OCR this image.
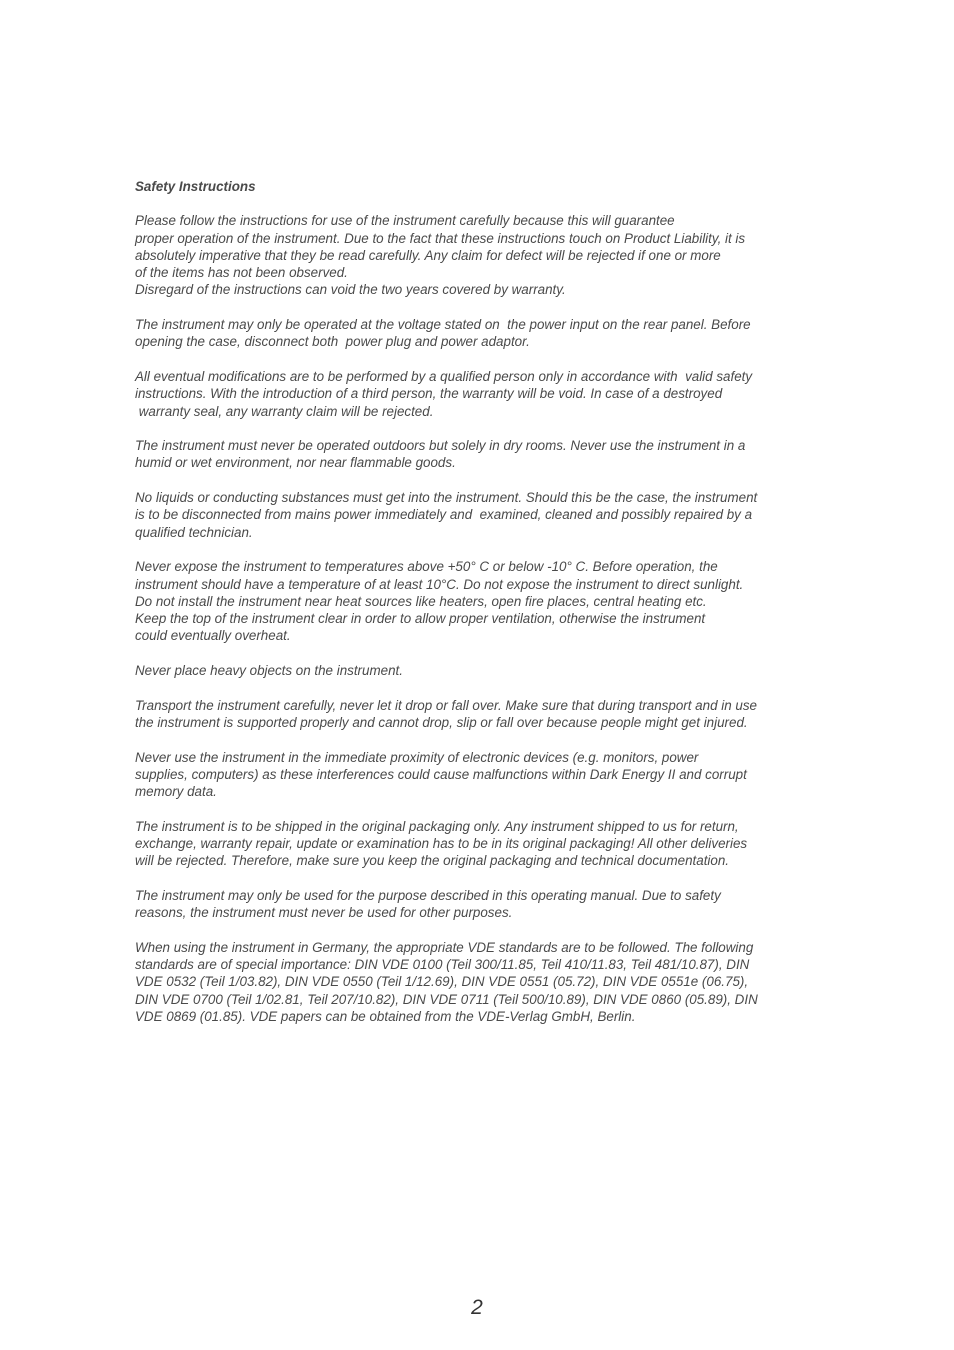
Safety Instructions
Please follow the instructions for use of the instrument carefully because this will guarantee
proper operation of the instrument. Due to the fact that these instructions touch on Product Liability, it is
absolutely imperative that they be read carefully. Any claim for defect will be rejected if one or more
of the items has not been observed.
Disregard of the instructions can void the two years covered by warranty.
The instrument may only be operated at the voltage stated on  the power input on the rear panel. Before
opening the case, disconnect both  power plug and power adaptor.
All eventual modifications are to be performed by a qualified person only in accordance with  valid safety
instructions. With the introduction of a third person, the warranty will be void. In case of a destroyed
warranty seal, any warranty claim will be rejected.
The instrument must never be operated outdoors but solely in dry rooms. Never use the instrument in a
humid or wet environment, nor near flammable goods.
No liquids or conducting substances must get into the instrument. Should this be the case, the instrument
is to be disconnected from mains power immediately and  examined, cleaned and possibly repaired by a
qualified technician.
Never expose the instrument to temperatures above +50° C or below -10° C. Before operation, the
instrument should have a temperature of at least 10°C. Do not expose the instrument to direct sunlight.
Do not install the instrument near heat sources like heaters, open fire places, central heating etc.
Keep the top of the instrument clear in order to allow proper ventilation, otherwise the instrument
could eventually overheat.
Never place heavy objects on the instrument.
Transport the instrument carefully, never let it drop or fall over. Make sure that during transport and in use
the instrument is supported properly and cannot drop, slip or fall over because people might get injured.
Never use the instrument in the immediate proximity of electronic devices (e.g. monitors, power
supplies, computers) as these interferences could cause malfunctions within Dark Energy II and corrupt
memory data.
The instrument is to be shipped in the original packaging only. Any instrument shipped to us for return,
exchange, warranty repair, update or examination has to be in its original packaging! All other deliveries
will be rejected. Therefore, make sure you keep the original packaging and technical documentation.
The instrument may only be used for the purpose described in this operating manual. Due to safety
reasons, the instrument must never be used for other purposes.
When using the instrument in Germany, the appropriate VDE standards are to be followed. The following
standards are of special importance: DIN VDE 0100 (Teil 300/11.85, Teil 410/11.83, Teil 481/10.87), DIN
VDE 0532 (Teil 1/03.82), DIN VDE 0550 (Teil 1/12.69), DIN VDE 0551 (05.72), DIN VDE 0551e (06.75),
DIN VDE 0700 (Teil 1/02.81, Teil 207/10.82), DIN VDE 0711 (Teil 500/10.89), DIN VDE 0860 (05.89), DIN
VDE 0869 (01.85). VDE papers can be obtained from the VDE-Verlag GmbH, Berlin.
2
